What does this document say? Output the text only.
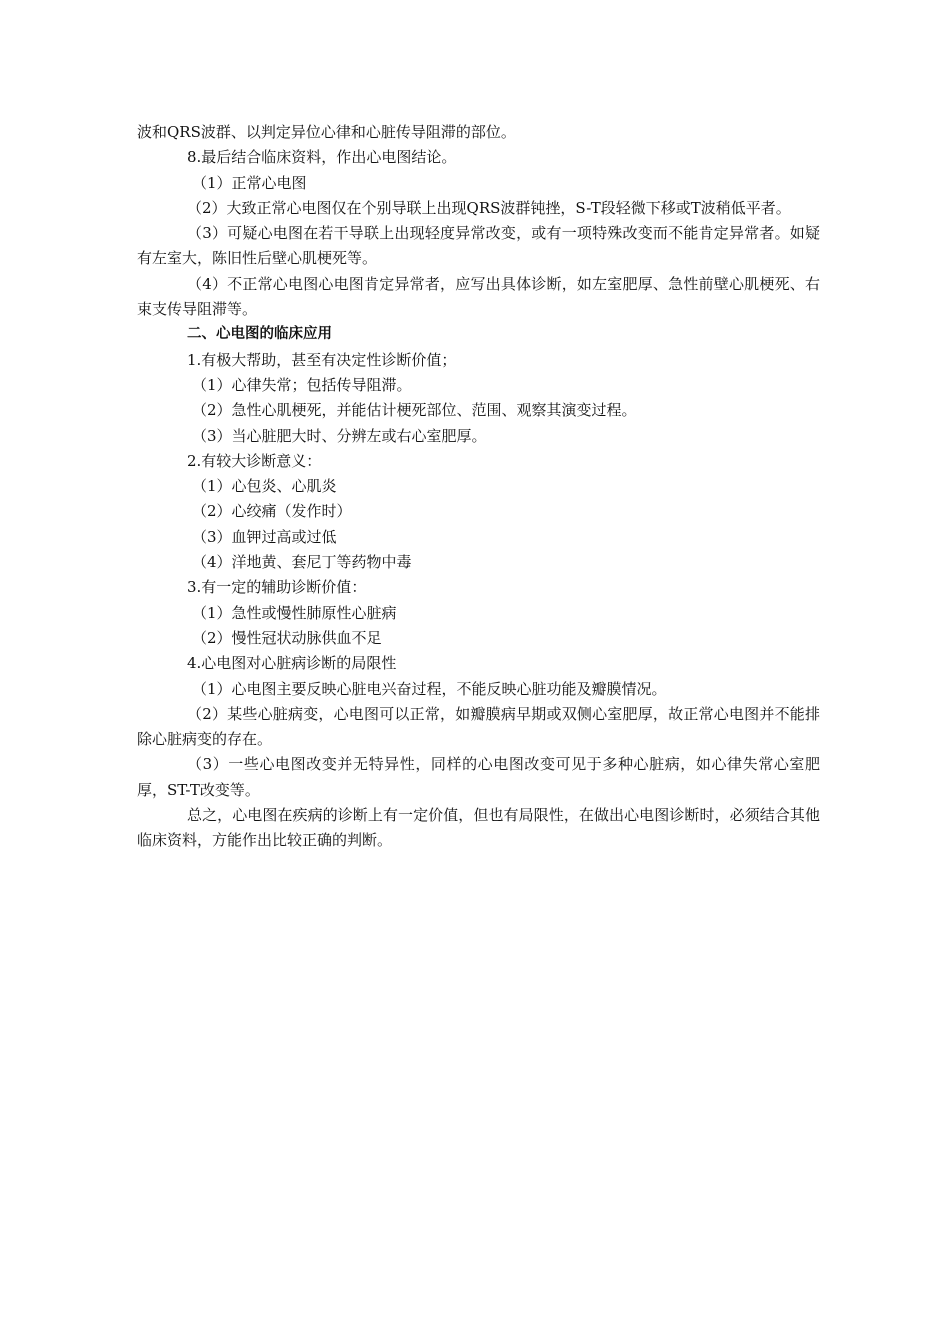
波和QRS波群、以判定异位心律和心脏传导阻滞的部位。
8.最后结合临床资料，作出心电图结论。
（1）正常心电图
（2）大致正常心电图仅在个别导联上出现QRS波群钝挫，S-T段轻微下移或T波稍低平者。
（3）可疑心电图在若干导联上出现轻度异常改变，或有一项特殊改变而不能肯定异常者。如疑有左室大，陈旧性后壁心肌梗死等。
（4）不正常心电图心电图肯定异常者，应写出具体诊断，如左室肥厚、急性前壁心肌梗死、右束支传导阻滞等。
二、心电图的临床应用
1.有极大帮助，甚至有决定性诊断价值；
（1）心律失常；包括传导阻滞。
（2）急性心肌梗死，并能估计梗死部位、范围、观察其演变过程。
（3）当心脏肥大时、分辨左或右心室肥厚。
2.有较大诊断意义：
（1）心包炎、心肌炎
（2）心绞痛（发作时）
（3）血钾过高或过低
（4）洋地黄、套尼丁等药物中毒
3.有一定的辅助诊断价值：
（1）急性或慢性肺原性心脏病
（2）慢性冠状动脉供血不足
4.心电图对心脏病诊断的局限性
（1）心电图主要反映心脏电兴奋过程，不能反映心脏功能及瓣膜情况。
（2）某些心脏病变，心电图可以正常，如瓣膜病早期或双侧心室肥厚，故正常心电图并不能排除心脏病变的存在。
（3）一些心电图改变并无特异性，同样的心电图改变可见于多种心脏病，如心律失常心室肥厚，ST-T改变等。
总之，心电图在疾病的诊断上有一定价值，但也有局限性，在做出心电图诊断时，必须结合其他临床资料，方能作出比较正确的判断。
